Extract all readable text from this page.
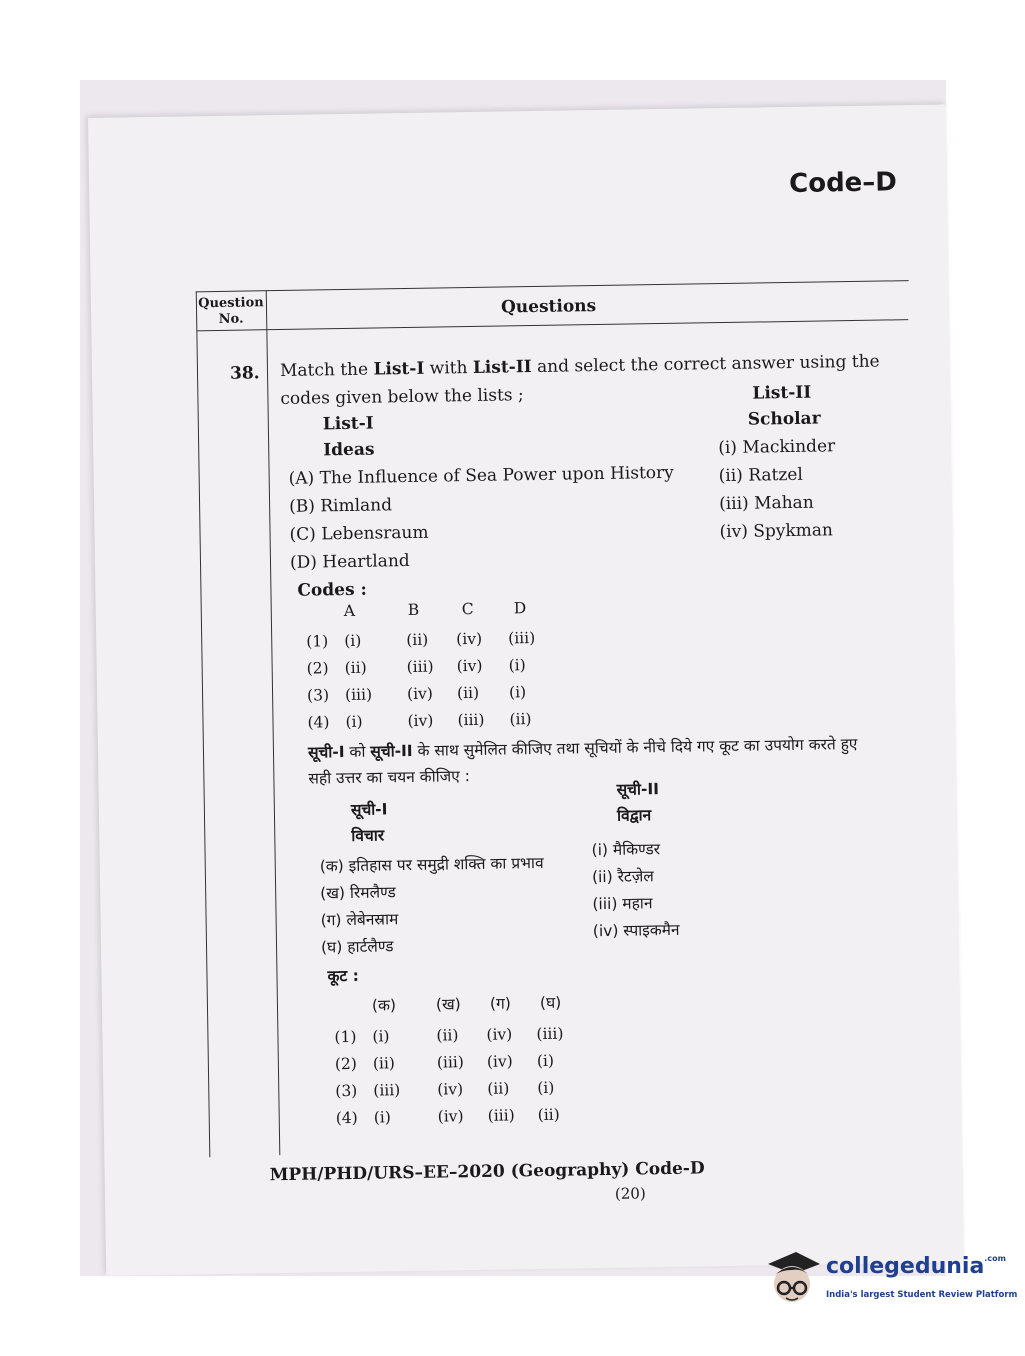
Code–D
Question
No.
Questions
38. Match the List-I with List-II and select the correct answer using the
codes given below the lists ;
List-I
Ideas
List-II
Scholar
(A) The Influence of Sea Power upon History
(B) Rimland
(C) Lebensraum
(D) Heartland
(i) Mackinder
(ii) Ratzel
(iii) Mahan
(iv) Spykman
Codes :
A	B	C	D
(1) (i)	(ii) (iv) (iii)
(2) (ii)	(iii) (iv) (i)
(3) (iii) (iv) (ii) (i)
(4) (i)	(iv) (iii) (ii)
सूची-I को सूची-II के साथ सुमेलित कीजिए तथा सूचियों के नीचे दिये गए कूट का उपयोग करते हुए
सही उत्तर का चयन कीजिए :
सूची-I
विचार
सूची-II
विद्वान
(क) इतिहास पर समुद्री शक्ति का प्रभाव
(ख) रिमलैण्ड
(ग) लेबेनस्राम
(घ) हार्टलैण्ड
(i) मैकिण्डर
(ii) रैटज़ेल
(iii) महान
(iv) स्पाइकमैन
कूट :
(क)	(ख) (ग) (घ)
(1) (i)	(ii) (iv) (iii)
(2) (ii)	(iii) (iv) (i)
(3) (iii) (iv) (ii) (i)
(4) (i)	(iv) (iii) (ii)
MPH/PHD/URS–EE–2020 (Geography) Code-D
(20)
collegedunia$^{.com}$
India's largest Student Review Platform
